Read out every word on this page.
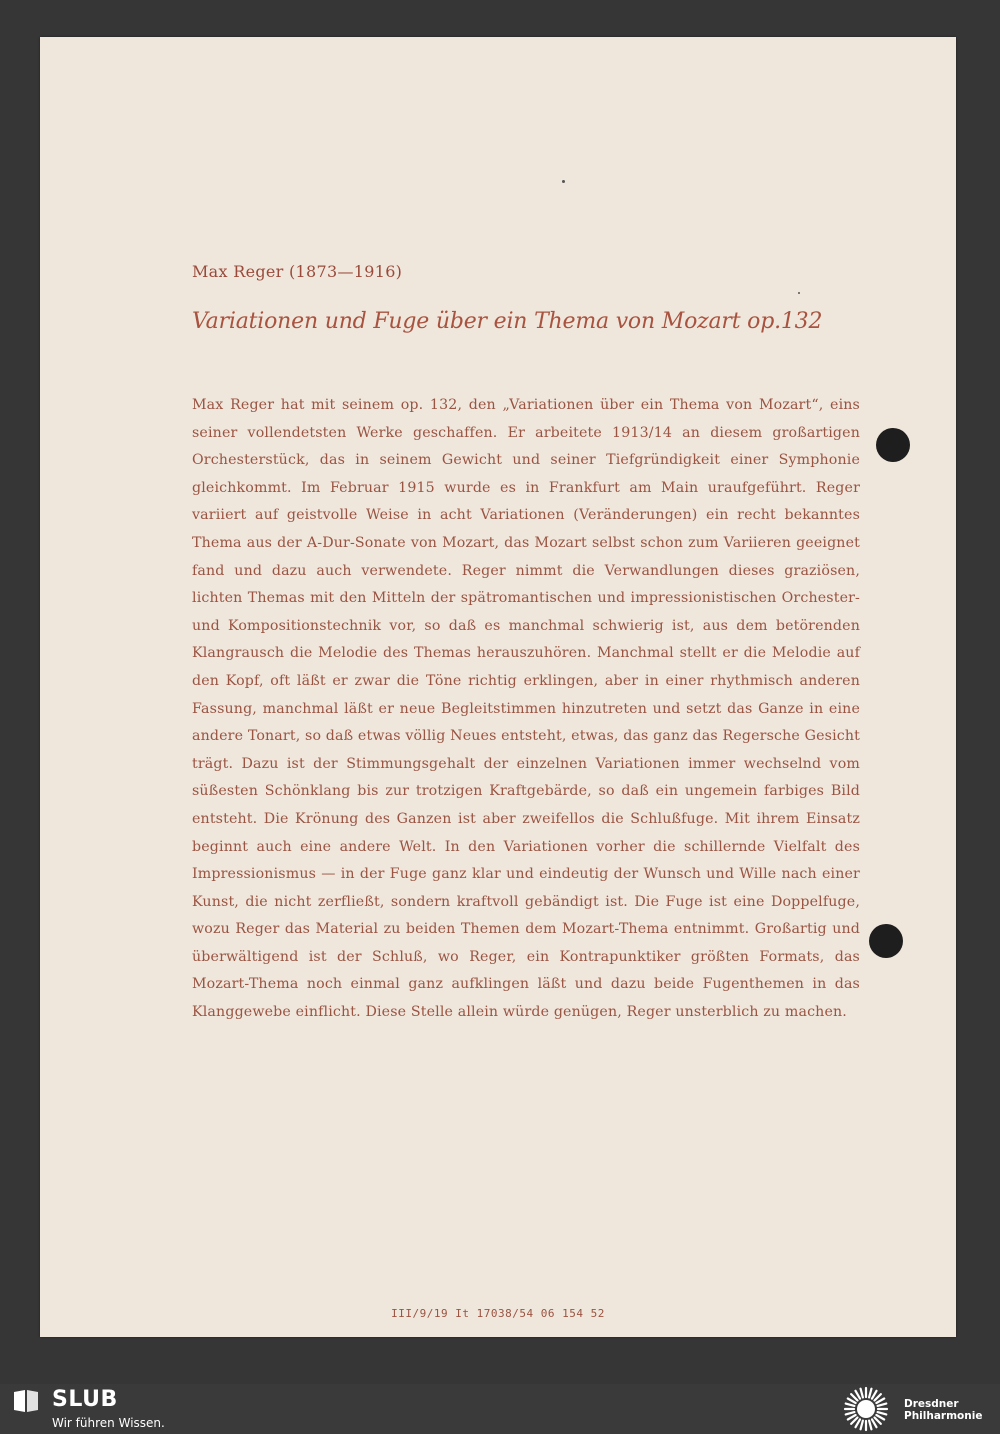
Max Reger (1873—1916)
Variationen und Fuge über ein Thema von Mozart op.132

Max Reger hat mit seinem op. 132, den „Variationen über ein Thema von Mozart“, eins seiner vollendetsten Werke geschaffen. Er arbeitete 1913/14 an diesem großartigen Orchesterstück, das in seinem Gewicht und seiner Tiefgründigkeit einer Symphonie gleichkommt. Im Februar 1915 wurde es in Frankfurt am Main uraufgeführt. Reger variiert auf geistvolle Weise in acht Variationen (Veränderungen) ein recht bekanntes Thema aus der A-Dur-Sonate von Mozart, das Mozart selbst schon zum Variieren geeignet fand und dazu auch verwendete. Reger nimmt die Verwandlungen dieses graziösen, lichten Themas mit den Mitteln der spätromantischen und impressionistischen Orchester- und Kompositionstechnik vor, so daß es manchmal schwierig ist, aus dem betörenden Klangrausch die Melodie des Themas herauszuhören. Manchmal stellt er die Melodie auf den Kopf, oft läßt er zwar die Töne richtig erklingen, aber in einer rhythmisch anderen Fassung, manchmal läßt er neue Begleitstimmen hinzutreten und setzt das Ganze in eine andere Tonart, so daß etwas völlig Neues entsteht, etwas, das ganz das Regersche Gesicht trägt. Dazu ist der Stimmungsgehalt der einzelnen Variationen immer wechselnd vom süßesten Schönklang bis zur trotzigen Kraftgebärde, so daß ein ungemein farbiges Bild entsteht. Die Krönung des Ganzen ist aber zweifellos die Schlußfuge. Mit ihrem Einsatz beginnt auch eine andere Welt. In den Variationen vorher die schillernde Vielfalt des Impressionismus — in der Fuge ganz klar und eindeutig der Wunsch und Wille nach einer Kunst, die nicht zerfließt, sondern kraftvoll gebändigt ist. Die Fuge ist eine Doppelfuge, wozu Reger das Material zu beiden Themen dem Mozart-Thema entnimmt. Großartig und überwältigend ist der Schluß, wo Reger, ein Kontrapunktiker größten Formats, das Mozart-Thema noch einmal ganz aufklingen läßt und dazu beide Fugenthemen in das Klanggewebe einflicht. Diese Stelle allein würde genügen, Reger unsterblich zu machen.

III/9/19 It 17038/54 06 154 52
SLUB
Wir führen Wissen.
Dresdner
Philharmonie
